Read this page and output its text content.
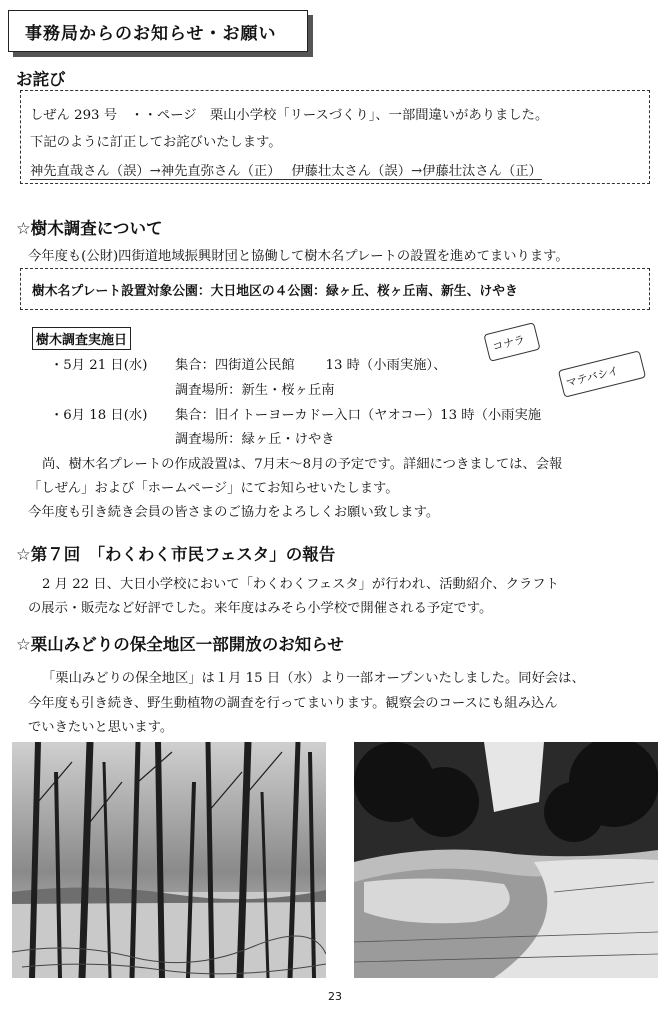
事務局からのお知らせ・お願い
お詫び
しぜん 293 号　・・ページ　栗山小学校「リースづくり」、一部間違いがありました。
下記のように訂正してお詫びいたします。
神先直哉さん（誤）→神先直弥さん（正）　 伊藤壮太さん（誤）→伊藤壮汰さん（正）
☆樹木調査について
今年度も(公財)四街道地域振興財団と協働して樹木名プレートの設置を進めてまいります。
樹木名プレート設置対象公園：大日地区の４公園：緑ヶ丘、桜ヶ丘南、新生、けやき
樹木調査実施日
・5月 21 日(水) 集合：四街道公民館　　 13 時（小雨実施）、
調査場所：新生・桜ヶ丘南
・6月 18 日(水) 集合：旧イトーヨーカドー入口（ヤオコー）13 時（小雨実施
調査場所：緑ヶ丘・けやき
コナラ
マテバシイ
尚、樹木名プレートの作成設置は、7月末〜8月の予定です。詳細につきましては、会報
「しぜん」および「ホームページ」にてお知らせいたします。
今年度も引き続き会員の皆さまのご協力をよろしくお願い致します。
☆第７回　「わくわく市民フェスタ」の報告
2 月 22 日、大日小学校において「わくわくフェスタ」が行われ、活動紹介、クラフト
の展示・販売など好評でした。来年度はみそら小学校で開催される予定です。
☆栗山みどりの保全地区一部開放のお知らせ
「栗山みどりの保全地区」は１月 15 日（水）より一部オープンいたしました。同好会は、
今年度も引き続き、野生動植物の調査を行ってまいります。観察会のコースにも組み込ん
でいきたいと思います。
23
